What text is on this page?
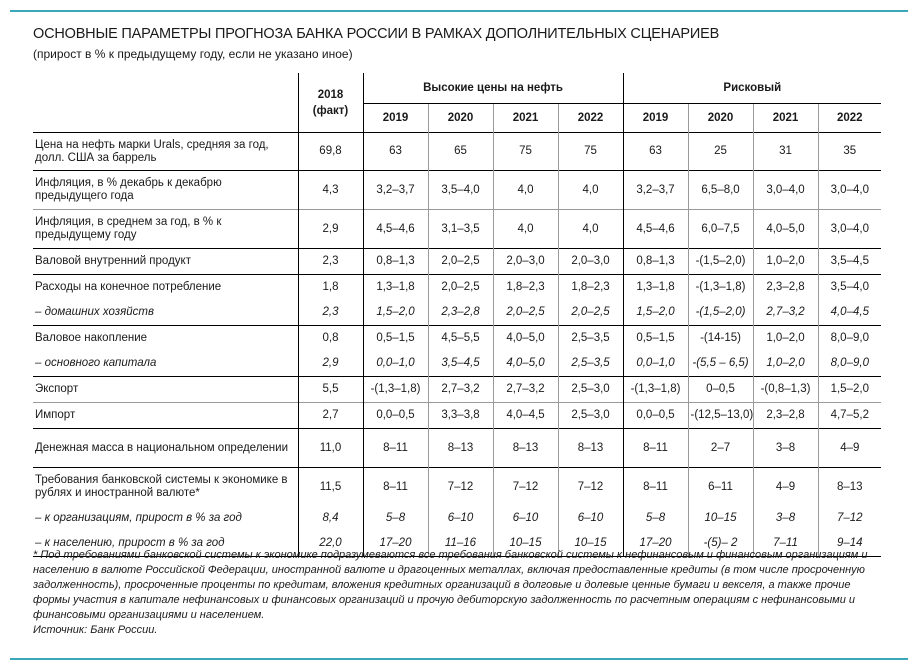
ОСНОВНЫЕ ПАРАМЕТРЫ ПРОГНОЗА БАНКА РОССИИ В РАМКАХ ДОПОЛНИТЕЛЬНЫХ СЦЕНАРИЕВ
(прирост в % к предыдущему году, если не указано иное)
	2018 (факт)	Высокие цены на нефть				Рисковый			
		2019	2020	2021	2022	2019	2020	2021	2022
Цена на нефть марки Urals, средняя за год, долл. США за баррель	69,8	63	65	75	75	63	25	31	35
Инфляция, в % декабрь к декабрю предыдущего года	4,3	3,2–3,7	3,5–4,0	4,0	4,0	3,2–3,7	6,5–8,0	3,0–4,0	3,0–4,0
Инфляция, в среднем за год, в % к предыдущему году	2,9	4,5–4,6	3,1–3,5	4,0	4,0	4,5–4,6	6,0–7,5	4,0–5,0	3,0–4,0
Валовой внутренний продукт	2,3	0,8–1,3	2,0–2,5	2,0–3,0	2,0–3,0	0,8–1,3	-(1,5–2,0)	1,0–2,0	3,5–4,5
Расходы на конечное потребление	1,8	1,3–1,8	2,0–2,5	1,8–2,3	1,8–2,3	1,3–1,8	-(1,3–1,8)	2,3–2,8	3,5–4,0
– домашних хозяйств	2,3	1,5–2,0	2,3–2,8	2,0–2,5	2,0–2,5	1,5–2,0	-(1,5–2,0)	2,7–3,2	4,0–4,5
Валовое накопление	0,8	0,5–1,5	4,5–5,5	4,0–5,0	2,5–3,5	0,5–1,5	-(14-15)	1,0–2,0	8,0–9,0
– основного капитала	2,9	0,0–1,0	3,5–4,5	4,0–5,0	2,5–3,5	0,0–1,0	-(5,5 – 6,5)	1,0–2,0	8,0–9,0
Экспорт	5,5	-(1,3–1,8)	2,7–3,2	2,7–3,2	2,5–3,0	-(1,3–1,8)	0–0,5	-(0,8–1,3)	1,5–2,0
Импорт	2,7	0,0–0,5	3,3–3,8	4,0–4,5	2,5–3,0	0,0–0,5	-(12,5–13,0)	2,3–2,8	4,7–5,2
Денежная масса в национальном определении	11,0	8–11	8–13	8–13	8–13	8–11	2–7	3–8	4–9
Требования банковской системы к экономике в рублях и иностранной валюте*	11,5	8–11	7–12	7–12	7–12	8–11	6–11	4–9	8–13
– к организациям, прирост в % за год	8,4	5–8	6–10	6–10	6–10	5–8	10–15	3–8	7–12
– к населению, прирост в % за год	22,0	17–20	11–16	10–15	10–15	17–20	-(5)– 2	7–11	9–14

* Под требованиями банковской системы к экономике подразумеваются все требования банковской системы к нефинансовым и финансовым организациям и населению в валюте Российской Федерации, иностранной валюте и драгоценных металлах, включая предоставленные кредиты (в том числе просроченную задолженность), просроченные проценты по кредитам, вложения кредитных организаций в долговые и долевые ценные бумаги и векселя, а также прочие формы участия в капитале нефинансовых и финансовых организаций и прочую дебиторскую задолженность по расчетным операциям с нефинансовыми и финансовыми организациями и населением.

Источник: Банк России.
